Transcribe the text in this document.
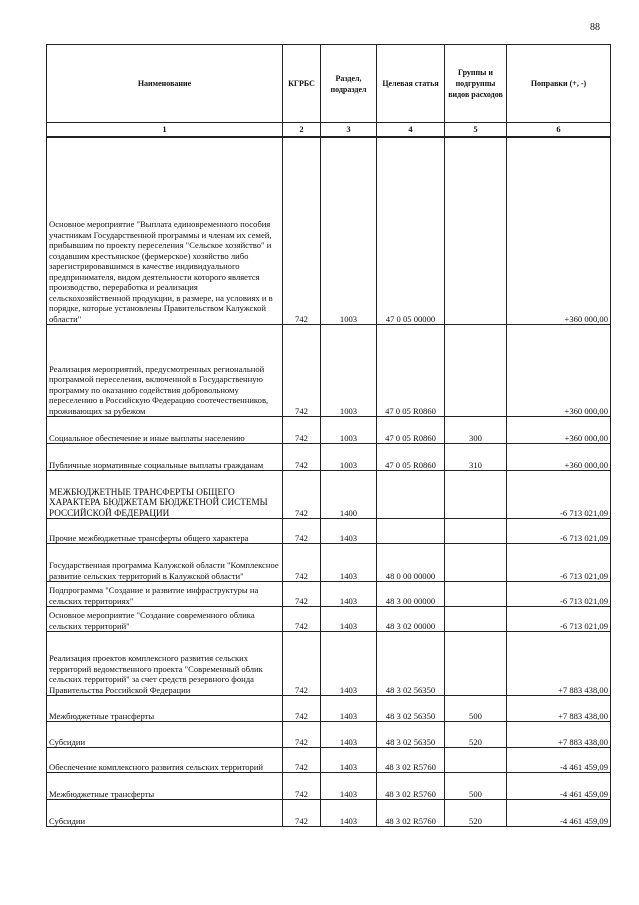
88
Наименование	КГРБС	Раздел, подраздел	Целевая статья	Группы и подгруппы видов расходов	Поправки (+, -)
1	2	3	4	5	6
Основное мероприятие "Выплата единовременного пособия участникам Государственной программы и членам их семей, прибывшим по проекту переселения "Сельское хозяйство" и создавшим крестьянское (фермерское) хозяйство либо зарегистрировавшимся в качестве индивидуального предпринимателя, видом деятельности которого является производство, переработка и реализация сельскохозяйственной продукции, в размере, на условиях и в порядке, которые установлены Правительством Калужской области"	742	1003	47 0 05 00000		+360 000,00
Реализация мероприятий, предусмотренных региональной программой переселения, включенной в Государственную программу по оказанию содействия добровольному переселению в Российскую Федерацию соотечественников, проживающих за рубежом	742	1003	47 0 05 R0860		+360 000,00
Социальное обеспечение и иные выплаты населению	742	1003	47 0 05 R0860	300	+360 000,00
Публичные нормативные социальные выплаты гражданам	742	1003	47 0 05 R0860	310	+360 000,00
МЕЖБЮДЖЕТНЫЕ ТРАНСФЕРТЫ ОБЩЕГО ХАРАКТЕРА БЮДЖЕТАМ БЮДЖЕТНОЙ СИСТЕМЫ РОССИЙСКОЙ ФЕДЕРАЦИИ	742	1400			-6 713 021,09
Прочие межбюджетные трансферты общего характера	742	1403			-6 713 021,09
Государственная программа Калужской области "Комплексное развитие сельских территорий в Калужской области"	742	1403	48 0 00 00000		-6 713 021,09
Подпрограмма "Создание и развитие инфраструктуры на сельских территориях"	742	1403	48 3 00 00000		-6 713 021,09
Основное мероприятие "Создание современного облика сельских территорий"	742	1403	48 3 02 00000		-6 713 021,09
Реализация проектов комплексного развития сельских территорий ведомственного проекта "Современный облик сельских территорий" за счет средств резервного фонда Правительства Российской Федерации	742	1403	48 3 02 56350		+7 883 438,00
Межбюджетные трансферты	742	1403	48 3 02 56350	500	+7 883 438,00
Субсидии	742	1403	48 3 02 56350	520	+7 883 438,00
Обеспечение комплексного развития сельских территорий	742	1403	48 3 02 R5760		-4 461 459,09
Межбюджетные трансферты	742	1403	48 3 02 R5760	500	-4 461 459,09
Субсидии	742	1403	48 3 02 R5760	520	-4 461 459,09
